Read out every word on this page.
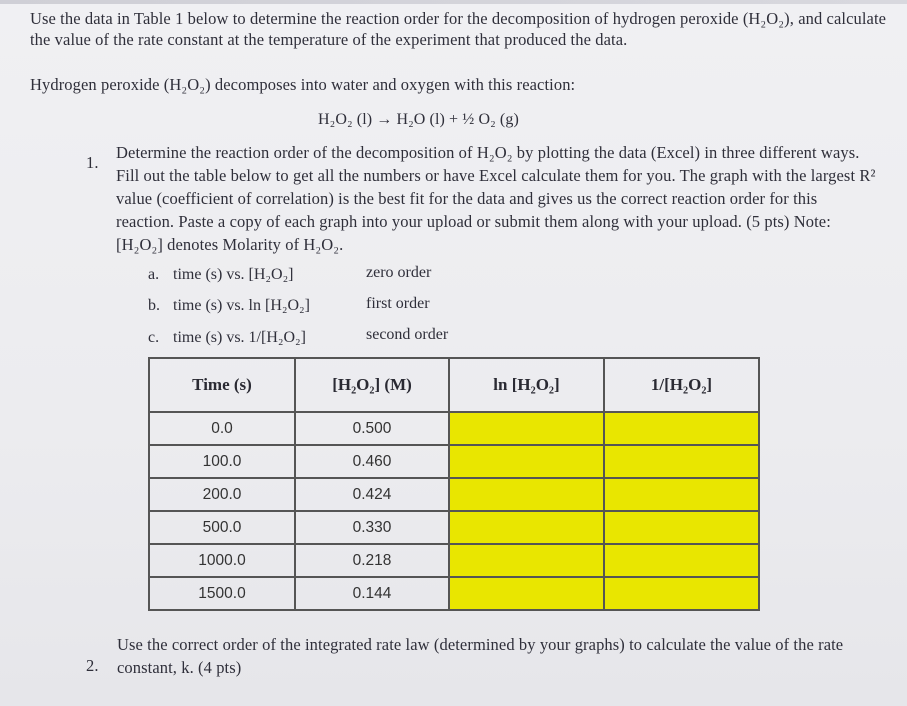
Use the data in Table 1 below to determine the reaction order for the decomposition of hydrogen peroxide (H₂O₂), and calculate the value of the rate constant at the temperature of the experiment that produced the data.
Hydrogen peroxide (H₂O₂) decomposes into water and oxygen with this reaction:
H₂O₂ (l) → H₂O (l) + ½ O₂ (g)
1.
Determine the reaction order of the decomposition of H₂O₂ by plotting the data (Excel) in three different ways. Fill out the table below to get all the numbers or have Excel calculate them for you. The graph with the largest R² value (coefficient of correlation) is the best fit for the data and gives us the correct reaction order for this reaction. Paste a copy of each graph into your upload or submit them along with your upload. (5 pts) Note: [H₂O₂] denotes Molarity of H₂O₂.
a. time (s) vs. [H₂O₂]	zero order
b. time (s) vs. ln [H₂O₂]	first order
c. time (s) vs. 1/[H₂O₂]	second order
Time (s)	[H₂O₂] (M)	ln [H₂O₂]	1/[H₂O₂]
0.0	0.500		
100.0	0.460		
200.0	0.424		
500.0	0.330		
1000.0	0.218		
1500.0	0.144		
2.
Use the correct order of the integrated rate law (determined by your graphs) to calculate the value of the rate constant, k. (4 pts)
